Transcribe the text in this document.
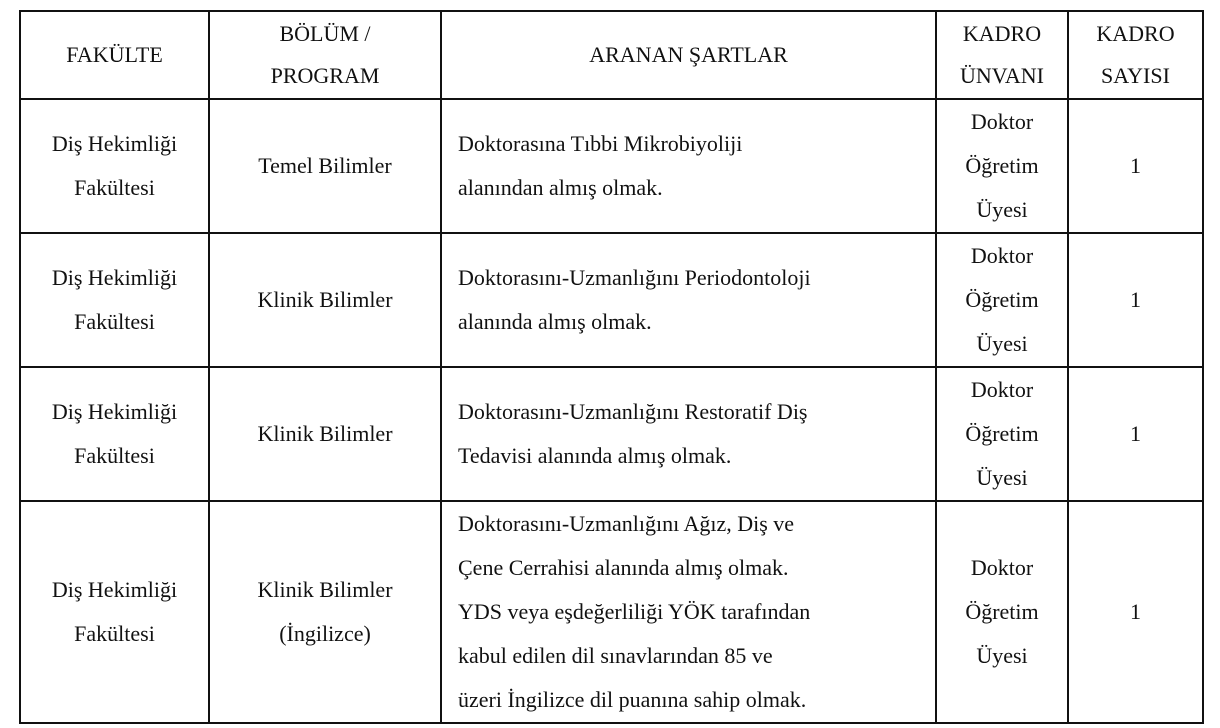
FAKÜLTE	BÖLÜM /
PROGRAM	ARANAN ŞARTLAR	KADRO
ÜNVANI	KADRO
SAYISI

Diş Hekimliği
Fakültesi	Temel Bilimler	Doktorasına Tıbbi Mikrobiyoliji
alanından almış olmak.	Doktor
Öğretim
Üyesi	1

Diş Hekimliği
Fakültesi	Klinik Bilimler	Doktorasını-Uzmanlığını Periodontoloji
alanında almış olmak.	Doktor
Öğretim
Üyesi	1

Diş Hekimliği
Fakültesi	Klinik Bilimler	Doktorasını-Uzmanlığını Restoratif Diş
Tedavisi alanında almış olmak.	Doktor
Öğretim
Üyesi	1

Diş Hekimliği
Fakültesi	Klinik Bilimler
(İngilizce)	Doktorasını-Uzmanlığını Ağız, Diş ve
Çene Cerrahisi alanında almış olmak.
YDS veya eşdeğerliliği YÖK tarafından
kabul edilen dil sınavlarından 85 ve
üzeri İngilizce dil puanına sahip olmak.	Doktor
Öğretim
Üyesi	1
